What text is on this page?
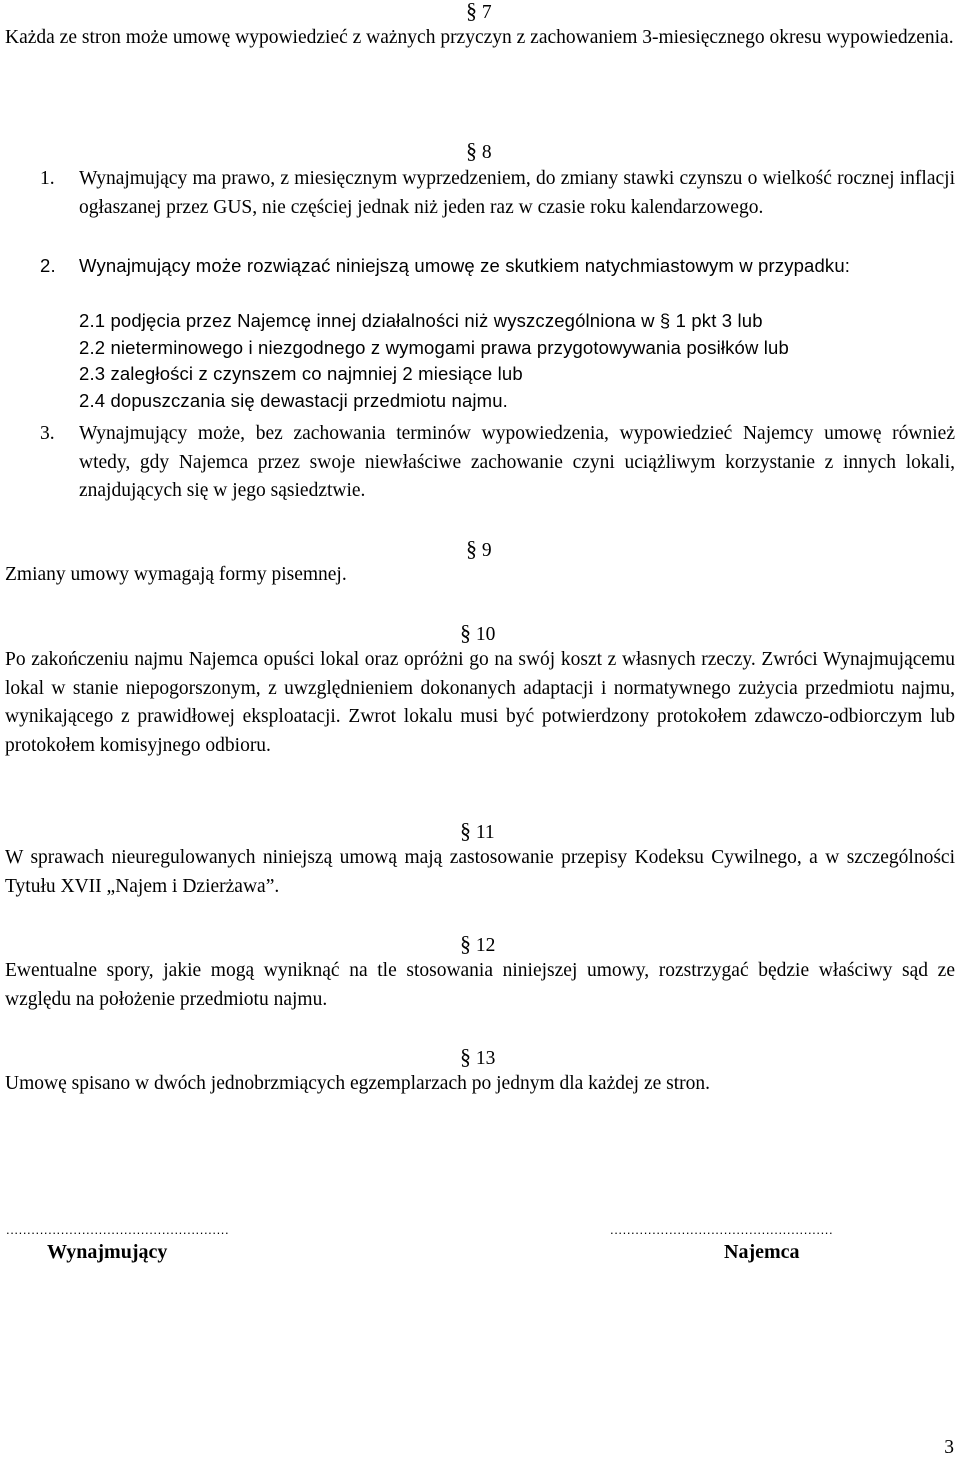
§ 7

Każda ze stron może umowę wypowiedzieć z ważnych przyczyn z zachowaniem 3-miesięcznego okresu wypowiedzenia.

§ 8
1. Wynajmujący ma prawo, z miesięcznym wyprzedzeniem, do zmiany stawki czynszu o wielkość rocznej inflacji ogłaszanej przez GUS, nie częściej jednak niż jeden raz w czasie roku kalendarzowego.

2. Wynajmujący może rozwiązać niniejszą umowę ze skutkiem natychmiastowym w przypadku:

2.1 podjęcia przez Najemcę innej działalności niż wyszczególniona w § 1 pkt 3 lub
2.2 nieterminowego i niezgodnego z wymogami prawa przygotowywania posiłków lub
2.3 zaległości z czynszem co najmniej 2 miesiące lub
2.4 dopuszczania się dewastacji przedmiotu najmu.
3. Wynajmujący może, bez zachowania terminów wypowiedzenia, wypowiedzieć Najemcy umowę również wtedy, gdy Najemca przez swoje niewłaściwe zachowanie czyni uciążliwym korzystanie z innych lokali, znajdujących się w jego sąsiedztwie.

§ 9

Zmiany umowy wymagają formy pisemnej.

§ 10

Po zakończeniu najmu Najemca opuści lokal oraz opróżni go na swój koszt z własnych rzeczy. Zwróci Wynajmującemu lokal w stanie niepogorszonym, z uwzględnieniem dokonanych adaptacji i normatywnego zużycia przedmiotu najmu, wynikającego z prawidłowej eksploatacji. Zwrot lokalu musi być potwierdzony protokołem zdawczo-odbiorczym lub protokołem komisyjnego odbioru.

§ 11

W sprawach nieuregulowanych niniejszą umową mają zastosowanie przepisy Kodeksu Cywilnego, a w szczególności Tytułu XVII „Najem i Dzierżawa”.

§ 12

Ewentualne spory, jakie mogą wyniknąć na tle stosowania niniejszej umowy, rozstrzygać będzie właściwy sąd ze względu na położenie przedmiotu najmu.

§ 13

Umowę spisano w dwóch jednobrzmiących egzemplarzach po jednym dla każdej ze stron.

.....................................................	.....................................................
Wynajmujący	Najemca
3
